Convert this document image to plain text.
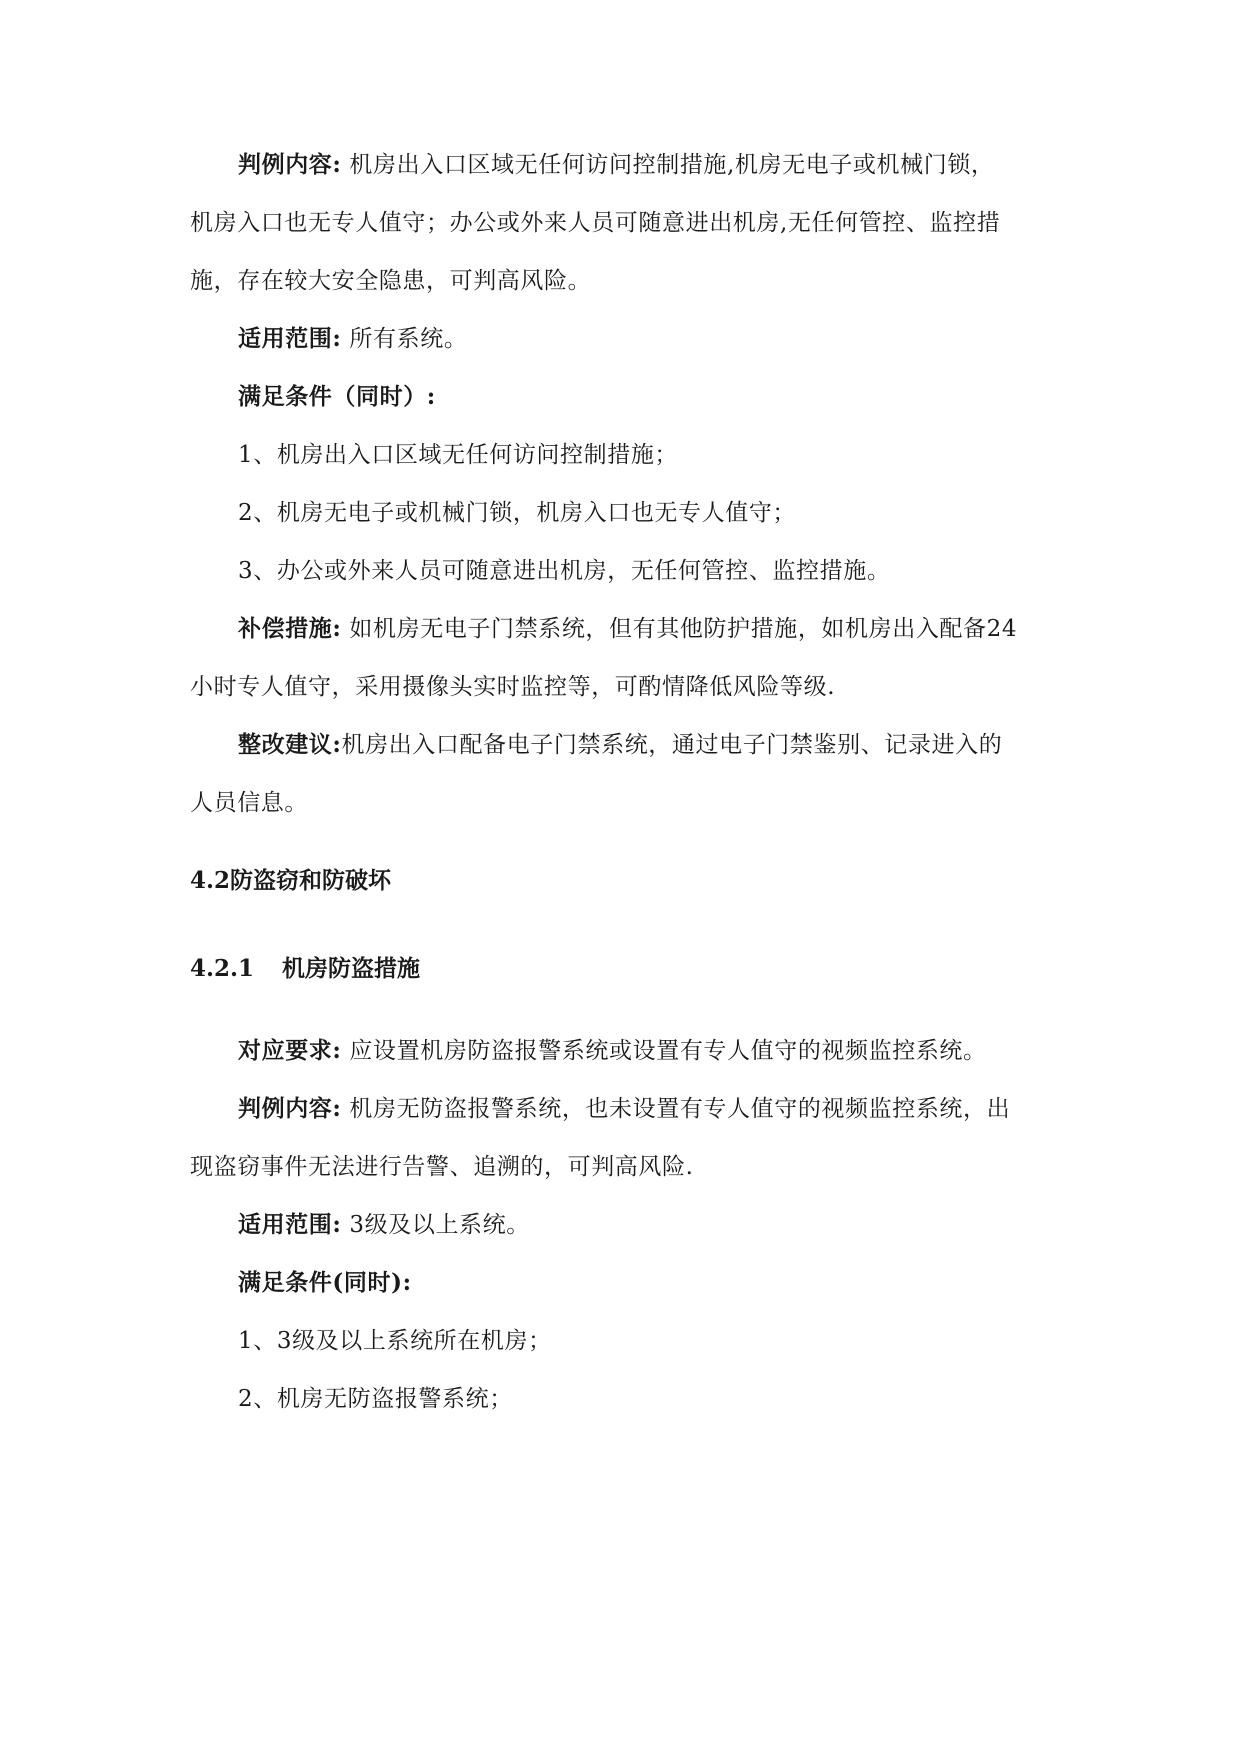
判例内容: 机房出入口区域无任何访问控制措施,机房无电子或机械门锁，
机房入口也无专人值守；办公或外来人员可随意进出机房,无任何管控、监控措
施，存在较大安全隐患，可判高风险。
适用范围: 所有系统。
满足条件（同时）:
1、机房出入口区域无任何访问控制措施；
2、机房无电子或机械门锁，机房入口也无专人值守；
3、办公或外来人员可随意进出机房，无任何管控、监控措施。
补偿措施: 如机房无电子门禁系统，但有其他防护措施，如机房出入配备24
小时专人值守，采用摄像头实时监控等，可酌情降低风险等级.
整改建议:机房出入口配备电子门禁系统，通过电子门禁鉴别、记录进入的
人员信息。
4.2防盗窃和防破坏
4.2.1 机房防盗措施
对应要求: 应设置机房防盗报警系统或设置有专人值守的视频监控系统。
判例内容: 机房无防盗报警系统，也未设置有专人值守的视频监控系统，出
现盗窃事件无法进行告警、追溯的，可判高风险.
适用范围: 3级及以上系统。
满足条件(同时):
1、3级及以上系统所在机房；
2、机房无防盗报警系统；
